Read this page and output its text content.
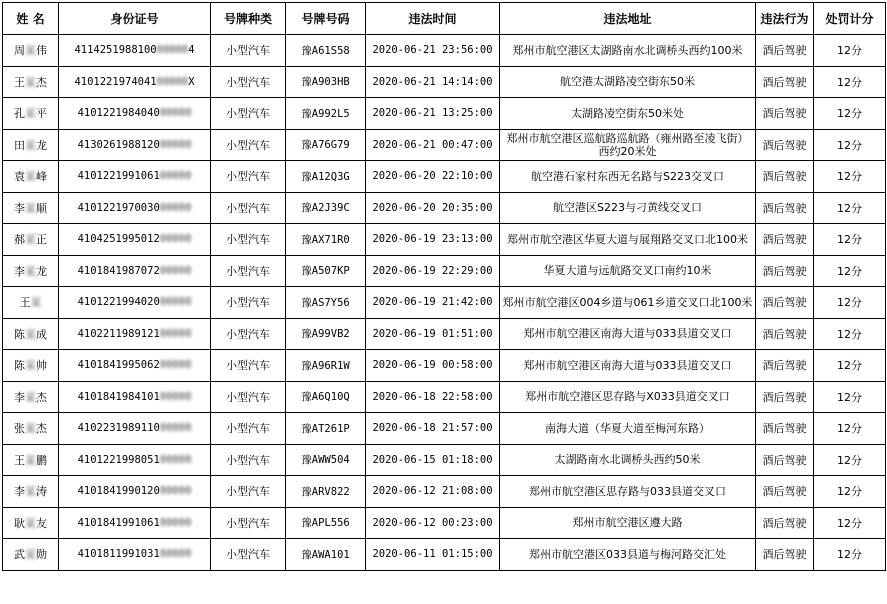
姓 名	身份证号	号牌种类	号牌号码	违法时间	违法地址	违法行为	处罚计分
周某伟	4114251988100000004	小型汽车	豫A61S58	2020-06-21 23:56:00	郑州市航空港区太湖路南水北调桥头西约100米	酒后驾驶	12分
王某杰	410122197404100000X	小型汽车	豫A903HB	2020-06-21 14:14:00	航空港太湖路凌空街东50米	酒后驾驶	12分
孔某平	410122198404000000	小型汽车	豫A992L5	2020-06-21 13:25:00	太湖路凌空街东50米处	酒后驾驶	12分
田某龙	413026198812000000	小型汽车	豫A76G79	2020-06-21 00:47:00	郑州市航空港区巡航路巡航路（雍州路至凌飞街）西约20米处	酒后驾驶	12分
袁某峰	410122199106100000	小型汽车	豫A12Q3G	2020-06-20 22:10:00	航空港石家村东西无名路与S223交叉口	酒后驾驶	12分
李某顺	410122197003000000	小型汽车	豫A2J39C	2020-06-20 20:35:00	航空港区S223与刁黄线交叉口	酒后驾驶	12分
郝某正	410425199501200000	小型汽车	豫AX71R0	2020-06-19 23:13:00	郑州市航空港区华夏大道与展翔路交叉口北100米	酒后驾驶	12分
李某龙	410184198707200000	小型汽车	豫A507KP	2020-06-19 22:29:00	华夏大道与远航路交叉口南约10米	酒后驾驶	12分
王某	410122199402000000	小型汽车	豫AS7Y56	2020-06-19 21:42:00	郑州市航空港区004乡道与061乡道交叉口北100米	酒后驾驶	12分
陈某成	410221198912100000	小型汽车	豫A99VB2	2020-06-19 01:51:00	郑州市航空港区南海大道与033县道交叉口	酒后驾驶	12分
陈某帅	410184199506200000	小型汽车	豫A96R1W	2020-06-19 00:58:00	郑州市航空港区南海大道与033县道交叉口	酒后驾驶	12分
李某杰	410184198410100000	小型汽车	豫A6Q10Q	2020-06-18 22:58:00	郑州市航空港区思存路与X033县道交叉口	酒后驾驶	12分
张某杰	410223198911000000	小型汽车	豫AT261P	2020-06-18 21:57:00	南海大道（华夏大道至梅河东路）	酒后驾驶	12分
王某鹏	410122199805100000	小型汽车	豫AWW504	2020-06-15 01:18:00	太湖路南水北调桥头西约50米	酒后驾驶	12分
李某涛	410184199012000000	小型汽车	豫ARV822	2020-06-12 21:08:00	郑州市航空港区思存路与033县道交叉口	酒后驾驶	12分
耿某友	410184199106100000	小型汽车	豫APL556	2020-06-12 00:23:00	郑州市航空港区遵大路	酒后驾驶	12分
武某勋	410181199103100000	小型汽车	豫AWA101	2020-06-11 01:15:00	郑州市航空港区033县道与梅河路交汇处	酒后驾驶	12分
